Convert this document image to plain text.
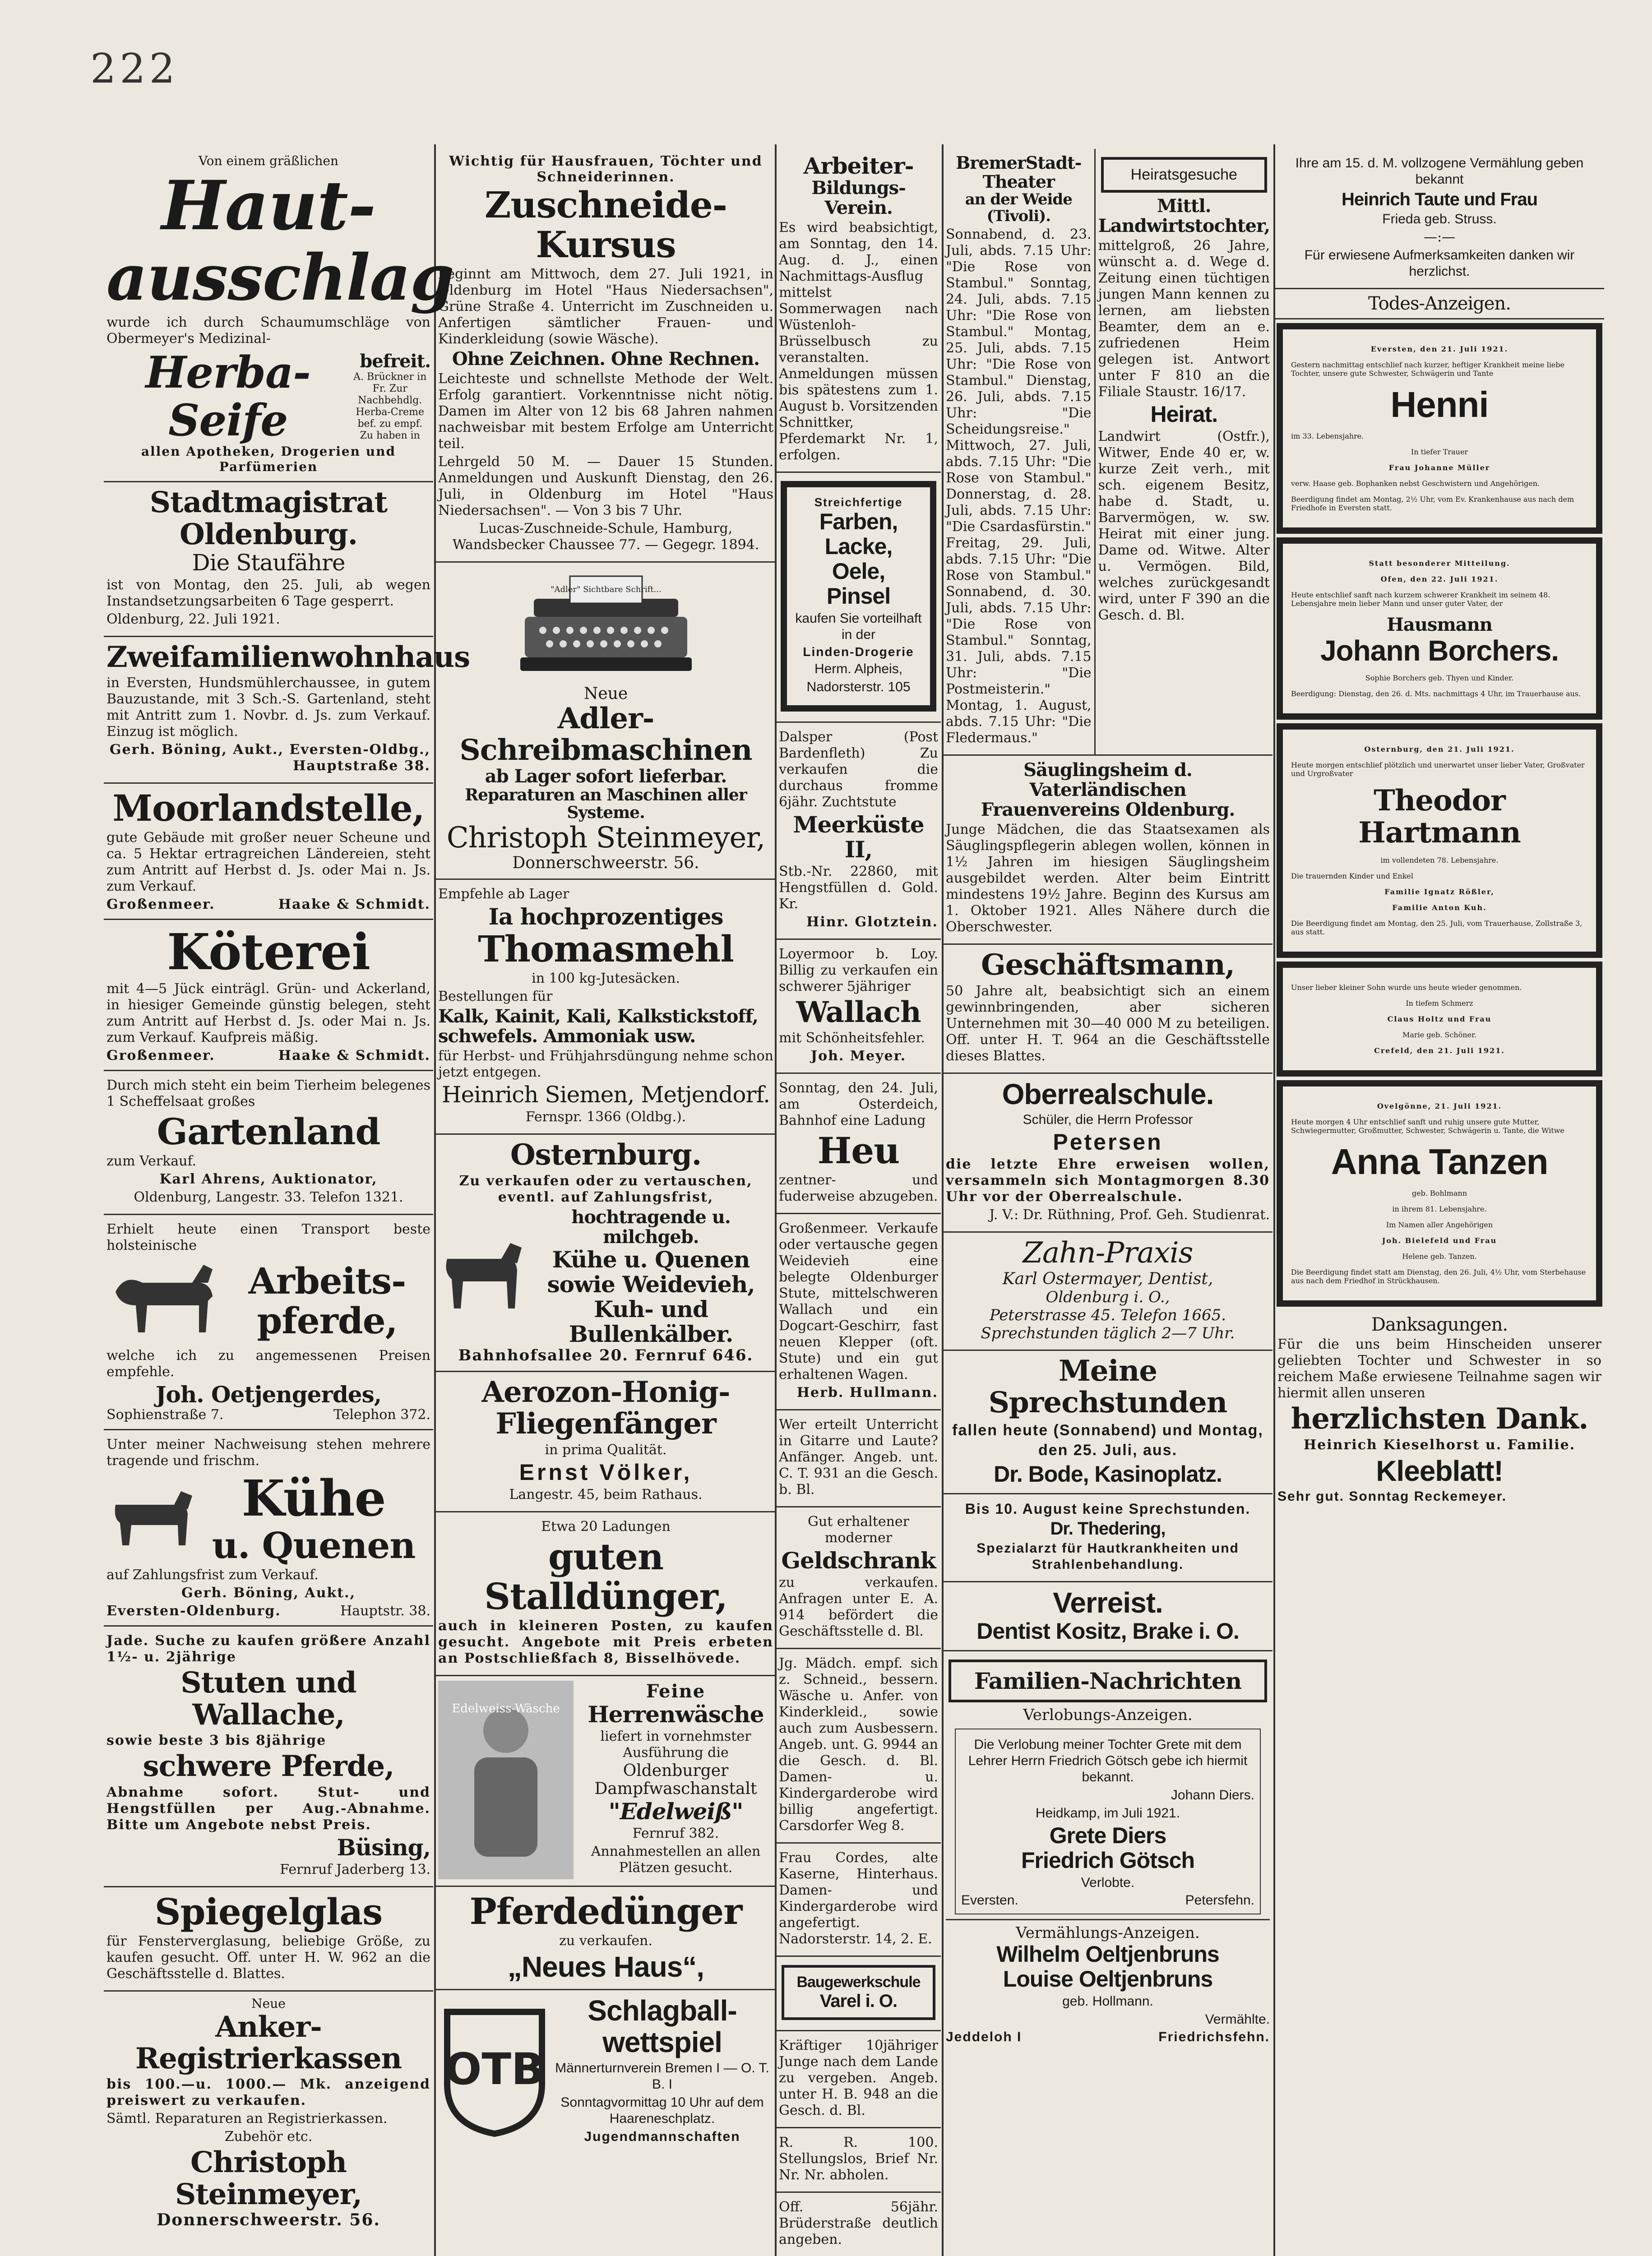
222
Von einem gräßlichen
Haut-
ausschlag

wurde ich durch Schaumumschläge von Obermeyer's Medizinal-

Herba-Seife
befreit.
A. Brückner in Fr. Zur Nachbehdlg. Herba-Creme bef. zu empf. Zu haben in
allen Apotheken, Drogerien und Parfümerien
Stadtmagistrat Oldenburg.
Die Staufähre

ist von Montag, den 25. Juli, ab wegen Instandsetzungsarbeiten 6 Tage gesperrt.

Oldenburg, 22. Juli 1921.

Zweifamilienwohnhaus

in Eversten, Hundsmühlerchaussee, in gutem Bauzustande, mit 3 Sch.-S. Gartenland, steht mit Antritt zum 1. Novbr. d. Js. zum Verkauf. Einzug ist möglich.

Gerh. Böning, Aukt., Eversten-Oldbg., Hauptstraße 38.

Moorlandstelle,

gute Gebäude mit großer neuer Scheune und ca. 5 Hektar ertragreichen Ländereien, steht zum Antritt auf Herbst d. Js. oder Mai n. Js. zum Verkauf.

Großenmeer.	Haake & Schmidt.
Köterei

mit 4—5 Jück einträgl. Grün- und Ackerland, in hiesiger Gemeinde günstig belegen, steht zum Antritt auf Herbst d. Js. oder Mai n. Js. zum Verkauf. Kaufpreis mäßig.

Großenmeer.	Haake & Schmidt.

Durch mich steht ein beim Tierheim belegenes 1 Scheffelsaat großes

Gartenland

zum Verkauf.

Karl Ahrens, Auktionator,

Oldenburg, Langestr. 33. Telefon 1321.

Erhielt heute einen Transport beste holsteinische

Arbeits-
pferde,

welche ich zu angemessenen Preisen empfehle.

Joh. Oetjengerdes,
Sophienstraße 7.	Telephon 372.

Unter meiner Nachweisung stehen mehrere tragende und frischm.

Kühe
u. Quenen

auf Zahlungsfrist zum Verkauf.

Gerh. Böning, Aukt.,

Eversten-Oldenburg.	Hauptstr. 38.

Jade. Suche zu kaufen größere Anzahl 1½- u. 2jährige

Stuten und Wallache,

sowie beste 3 bis 8jährige

schwere Pferde,

Abnahme sofort. Stut- und Hengstfüllen per Aug.-Abnahme. Bitte um Angebote nebst Preis.

Büsing,

Fernruf Jaderberg 13.

Spiegelglas

für Fensterverglasung, beliebige Größe, zu kaufen gesucht. Off. unter H. W. 962 an die Geschäftsstelle d. Blattes.

Neue
Anker-Registrierkassen

bis 100.—u. 1000.— Mk. anzeigend preiswert zu verkaufen.

Sämtl. Reparaturen an Registrierkassen.

Zubehör etc.

Christoph Steinmeyer,
Donnerschweerstr. 56.
Wichtig für Hausfrauen, Töchter und Schneiderinnen.
Zuschneide-Kursus

beginnt am Mittwoch, dem 27. Juli 1921, in Oldenburg im Hotel "Haus Niedersachsen", Grüne Straße 4. Unterricht im Zuschneiden u. Anfertigen sämtlicher Frauen- und Kinderkleidung (sowie Wäsche).

Ohne Zeichnen. Ohne Rechnen.

Leichteste und schnellste Methode der Welt. Erfolg garantiert. Vorkenntnisse nicht nötig. Damen im Alter von 12 bis 68 Jahren nahmen nachweisbar mit bestem Erfolge am Unterricht teil.

Lehrgeld 50 M. — Dauer 15 Stunden. Anmeldungen und Auskunft Dienstag, den 26. Juli, in Oldenburg im Hotel "Haus Niedersachsen". — Von 3 bis 7 Uhr.

Lucas-Zuschneide-Schule, Hamburg, Wandsbecker Chaussee 77. — Gegegr. 1894.

"Adler" Sichtbare Schrift...
Neue
Adler-Schreibmaschinen
ab Lager sofort lieferbar.
Reparaturen an Maschinen aller Systeme.
Christoph Steinmeyer,
Donnerschweerstr. 56.

Empfehle ab Lager

Ia hochprozentiges
Thomasmehl

in 100 kg-Jutesäcken.

Bestellungen für

Kalk, Kainit, Kali, Kalkstickstoff, schwefels. Ammoniak usw.

für Herbst- und Frühjahrsdüngung nehme schon jetzt entgegen.

Heinrich Siemen, Metjendorf.

Fernspr. 1366 (Oldbg.).

Osternburg.

Zu verkaufen oder zu vertauschen, eventl. auf Zahlungsfrist,

hochtragende u. milchgeb.
Kühe u. Quenen
sowie Weidevieh,
Kuh- und Bullenkälber.
Bahnhofsallee 20. Fernruf 646.
Aerozon-Honig-
Fliegenfänger

in prima Qualität.

Ernst Völker,

Langestr. 45, beim Rathaus.

Etwa 20 Ladungen

guten Stalldünger,

auch in kleineren Posten, zu kaufen gesucht. Angebote mit Preis erbeten an Postschließfach 8, Bisselhövede.

Edelweiss-Wäsche
Feine
Herrenwäsche

liefert in vornehmster Ausführung die

Oldenburger

Dampfwaschanstalt

"Edelweiß"

Fernruf 382.

Annahmestellen an allen Plätzen gesucht.

Pferdedünger

zu verkaufen.

„Neues Haus“,
OTB
Schlagball-
wettspiel

Männerturnverein Bremen I — O. T. B. I

Sonntagvormittag 10 Uhr auf dem Haareneschplatz.

Jugendmannschaften

Arbeiter-
Bildungs-Verein.

Es wird beabsichtigt, am Sonntag, den 14. Aug. d. J., einen Nachmittags-Ausflug mittelst Sommerwagen nach Wüstenloh-Brüsselbusch zu veranstalten. Anmeldungen müssen bis spätestens zum 1. August b. Vorsitzenden Schnittker, Pferdemarkt Nr. 1, erfolgen.

Streichfertige
Farben,
Lacke,
Oele,
Pinsel

kaufen Sie vorteilhaft in der

Linden-Drogerie

Herm. Alpheis,

Nadorsterstr. 105

Dalsper (Post Bardenfleth) Zu verkaufen die durchaus fromme 6jähr. Zuchtstute

Meerküste II,

Stb.-Nr. 22860, mit Hengstfüllen d. Gold. Kr.

Hinr. Glotztein.

Loyermoor b. Loy. Billig zu verkaufen ein schwerer 5jähriger

Wallach

mit Schönheitsfehler.

Joh. Meyer.

Sonntag, den 24. Juli, am Osterdeich, Bahnhof eine Ladung

Heu

zentner- und fuderweise abzugeben.

Großenmeer. Verkaufe oder vertausche gegen Weidevieh eine belegte Oldenburger Stute, mittelschweren Wallach und ein Dogcart-Geschirr, fast neuen Klepper (oft. Stute) und ein gut erhaltenen Wagen.

Herb. Hullmann.

Wer erteilt Unterricht in Gitarre und Laute? Anfänger. Angeb. unt. C. T. 931 an die Gesch. b. Bl.

Gut erhaltener moderner

Geldschrank

zu verkaufen. Anfragen unter E. A. 914 befördert die Geschäftsstelle d. Bl.

Jg. Mädch. empf. sich z. Schneid., bessern. Wäsche u. Anfer. von Kinderkleid., sowie auch zum Ausbessern. Angeb. unt. G. 9944 an die Gesch. d. Bl. Damen- u. Kindergarderobe wird billig angefertigt. Carsdorfer Weg 8.

Frau Cordes, alte Kaserne, Hinterhaus. Damen- und Kindergarderobe wird angefertigt. Nadorsterstr. 14, 2. E.

Baugewerkschule
Varel i. O.

Kräftiger 10jähriger Junge nach dem Lande zu vergeben. Angeb. unter H. B. 948 an die Gesch. d. Bl.

R. R. 100. Stellungslos, Brief Nr. Nr. Nr. abholen.

Off. 56jähr. Brüderstraße deutlich angeben.

BremerStadt-Theater
an der Weide (Tivoli).

Sonnabend, d. 23. Juli, abds. 7.15 Uhr: "Die Rose von Stambul." Sonntag, 24. Juli, abds. 7.15 Uhr: "Die Rose von Stambul." Montag, 25. Juli, abds. 7.15 Uhr: "Die Rose von Stambul." Dienstag, 26. Juli, abds. 7.15 Uhr: "Die Scheidungsreise." Mittwoch, 27. Juli, abds. 7.15 Uhr: "Die Rose von Stambul." Donnerstag, d. 28. Juli, abds. 7.15 Uhr: "Die Csardasfürstin." Freitag, 29. Juli, abds. 7.15 Uhr: "Die Rose von Stambul." Sonnabend, d. 30. Juli, abds. 7.15 Uhr: "Die Rose von Stambul." Sonntag, 31. Juli, abds. 7.15 Uhr: "Die Postmeisterin." Montag, 1. August, abds. 7.15 Uhr: "Die Fledermaus."

Heiratsgesuche
Mittl.
Landwirtstochter,

mittelgroß, 26 Jahre, wünscht a. d. Wege d. Zeitung einen tüchtigen jungen Mann kennen zu lernen, am liebsten Beamter, dem an e. zufriedenen Heim gelegen ist. Antwort unter F 810 an die Filiale Staustr. 16/17.

Heirat.

Landwirt (Ostfr.), Witwer, Ende 40 er, w. kurze Zeit verh., mit sch. eigenem Besitz, habe d. Stadt, u. Barvermögen, w. sw. Heirat mit einer jung. Dame od. Witwe. Alter u. Vermögen. Bild, welches zurückgesandt wird, unter F 390 an die Gesch. d. Bl.

Säuglingsheim d. Vaterländischen
Frauenvereins Oldenburg.

Junge Mädchen, die das Staatsexamen als Säuglingspflegerin ablegen wollen, können in 1½ Jahren im hiesigen Säuglingsheim ausgebildet werden. Alter beim Eintritt mindestens 19½ Jahre. Beginn des Kursus am 1. Oktober 1921. Alles Nähere durch die Oberschwester.

Geschäftsmann,

50 Jahre alt, beabsichtigt sich an einem gewinnbringenden, aber sicheren Unternehmen mit 30—40 000 M zu beteiligen. Off. unter H. T. 964 an die Geschäftsstelle dieses Blattes.

Oberrealschule.

Schüler, die Herrn Professor

Petersen

die letzte Ehre erweisen wollen, versammeln sich Montagmorgen 8.30 Uhr vor der Oberrealschule.

J. V.: Dr. Rüthning, Prof. Geh. Studienrat.

Zahn-Praxis

Karl Ostermayer, Dentist,

Oldenburg i. O.,

Peterstrasse 45. Telefon 1665.

Sprechstunden täglich 2—7 Uhr.

Meine Sprechstunden

fallen heute (Sonnabend) und Montag, den 25. Juli, aus.

Dr. Bode, Kasinoplatz.

Bis 10. August keine Sprechstunden.

Dr. Thedering,

Spezialarzt für Hautkrankheiten und Strahlenbehandlung.

Verreist.
Dentist Kositz, Brake i. O.
Familien-Nachrichten
Verlobungs-Anzeigen.

Die Verlobung meiner Tochter Grete mit dem Lehrer Herrn Friedrich Götsch gebe ich hiermit bekannt.

Johann Diers.

Heidkamp, im Juli 1921.

Grete Diers
Friedrich Götsch

Verlobte.

Eversten.	Petersfehn.
Vermählungs-Anzeigen.
Wilhelm Oeltjenbruns
Louise Oeltjenbruns

geb. Hollmann.

Vermählte.

Jeddeloh I	Friedrichsfehn.

Ihre am 15. d. M. vollzogene Vermählung geben bekannt

Heinrich Taute und Frau

Frieda geb. Struss.

—:—

Für erwiesene Aufmerksamkeiten danken wir herzlichst.

Todes-Anzeigen.

Eversten, den 21. Juli 1921.

Gestern nachmittag entschlief nach kurzer, heftiger Krankheit meine liebe Tochter, unsere gute Schwester, Schwägerin und Tante

Henni

im 33. Lebensjahre.

In tiefer Trauer

Frau Johanne Müller

verw. Haase geb. Bophanken nebst Geschwistern und Angehörigen.

Beerdigung findet am Montag, 2½ Uhr, vom Ev. Krankenhause aus nach dem Friedhofe in Eversten statt.

Statt besonderer Mitteilung.

Ofen, den 22. Juli 1921.

Heute entschlief sanft nach kurzem schwerer Krankheit im seinem 48. Lebensjahre mein lieber Mann und unser guter Vater, der

Hausmann
Johann Borchers.

Sophie Borchers geb. Thyen und Kinder.

Beerdigung: Dienstag, den 26. d. Mts. nachmittags 4 Uhr, im Trauerhause aus.

Osternburg, den 21. Juli 1921.

Heute morgen entschlief plötzlich und unerwartet unser lieber Vater, Großvater und Urgroßvater

Theodor Hartmann

im vollendeten 78. Lebensjahre.

Die trauernden Kinder und Enkel

Familie Ignatz Rößler,

Familie Anton Kuh.

Die Beerdigung findet am Montag, den 25. Juli, vom Trauerhause, Zollstraße 3, aus statt.

Unser lieber kleiner Sohn wurde uns heute wieder genommen.

In tiefem Schmerz

Claus Holtz und Frau

Marie geb. Schöner.

Crefeld, den 21. Juli 1921.

Ovelgönne, 21. Juli 1921.

Heute morgen 4 Uhr entschlief sanft und ruhig unsere gute Mutter, Schwiegermutter, Großmutter, Schwester, Schwägerin u. Tante, die Witwe

Anna Tanzen

geb. Bohlmann

in ihrem 81. Lebensjahre.

Im Namen aller Angehörigen

Joh. Bielefeld und Frau

Helene geb. Tanzen.

Die Beerdigung findet statt am Dienstag, den 26. Juli, 4½ Uhr, vom Sterbehause aus nach dem Friedhof in Strückhausen.

Danksagungen.

Für die uns beim Hinscheiden unserer geliebten Tochter und Schwester in so reichem Maße erwiesene Teilnahme sagen wir hiermit allen unseren

herzlichsten Dank.

Heinrich Kieselhorst u. Familie.

Kleeblatt!

Sehr gut. Sonntag Reckemeyer.
